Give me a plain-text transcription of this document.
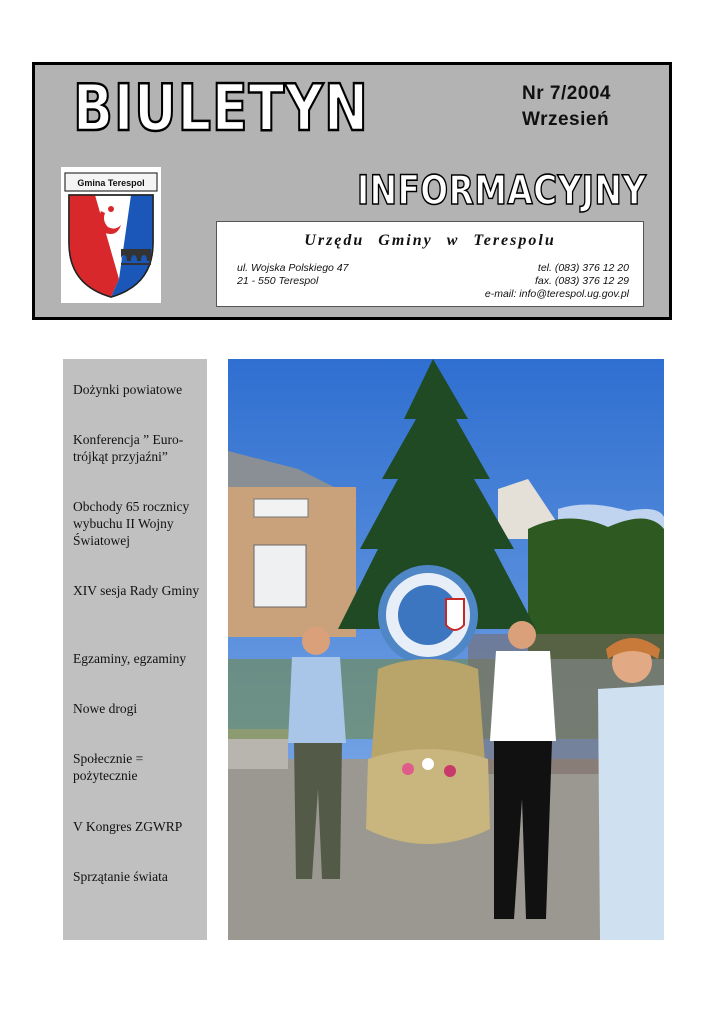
BIULETYN	Nr 7/2004
Wrzesień
INFORMACYJNY
Gmina Terespol
Urzędu Gminy w Terespolu
ul. Wojska Polskiego 47
21 - 550 Terespol
tel. (083) 376 12 20
fax. (083) 376 12 29
e-mail: info@terespol.ug.gov.pl
Dożynki powiatowe
Konferencja ” Euro-trójkąt przyjaźni”
Obchody 65 rocznicy wybuchu II Wojny Światowej
XIV sesja Rady Gminy
Egzaminy, egzaminy
Nowe drogi
Społecznie = pożytecznie
V Kongres ZGWRP
Sprzątanie świata
